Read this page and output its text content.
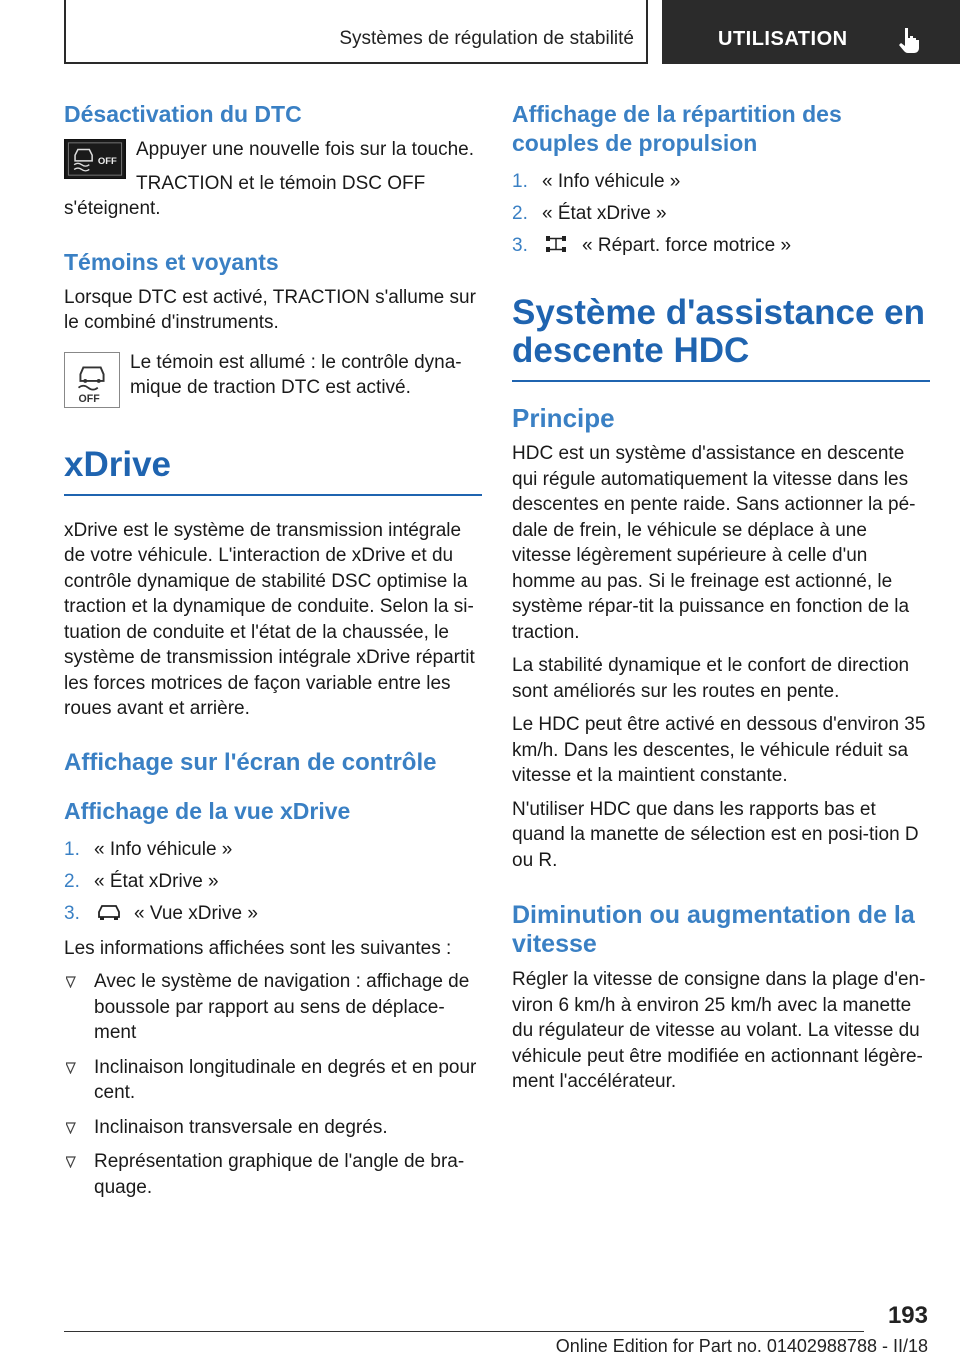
Systèmes de régulation de stabilité	UTILISATION
Désactivation du DTC
OFF

Appuyer une nouvelle fois sur la touche.

TRACTION et le témoin DSC OFF s'éteignent.

Témoins et voyants

Lorsque DTC est activé, TRACTION s'allume sur le combiné d'instruments.

OFF

Le témoin est allumé : le contrôle dyna-mique de traction DTC est activé.

xDrive

xDrive est le système de transmission intégrale de votre véhicule. L'interaction de xDrive et du contrôle dynamique de stabilité DSC optimise la traction et la dynamique de conduite. Selon la si-tuation de conduite et l'état de la chaussée, le système de transmission intégrale xDrive répartit les forces motrices de façon variable entre les roues avant et arrière.

Affichage sur l'écran de contrôle
Affichage de la vue xDrive
1. « Info véhicule »
2. « État xDrive »
3.	« Vue xDrive »

Les informations affichées sont les suivantes :

Avec le système de navigation : affichage de boussole par rapport au sens de déplace-ment
Inclinaison longitudinale en degrés et en pour cent.
Inclinaison transversale en degrés.
Représentation graphique de l'angle de bra-quage.
Affichage de la répartition des couples de propulsion
1. « Info véhicule »
2. « État xDrive »
3.	« Répart. force motrice »
Système d'assistance en descente HDC
Principe

HDC est un système d'assistance en descente qui régule automatiquement la vitesse dans les descentes en pente raide. Sans actionner la pé-dale de frein, le véhicule se déplace à une vitesse légèrement supérieure à celle d'un homme au pas. Si le freinage est actionné, le système répar-tit la puissance en fonction de la traction.

La stabilité dynamique et le confort de direction sont améliorés sur les routes en pente.

Le HDC peut être activé en dessous d'environ 35 km/h. Dans les descentes, le véhicule réduit sa vitesse et la maintient constante.

N'utiliser HDC que dans les rapports bas et quand la manette de sélection est en posi-tion D ou R.

Diminution ou augmentation de la vitesse

Régler la vitesse de consigne dans la plage d'en-viron 6 km/h à environ 25 km/h avec la manette du régulateur de vitesse au volant. La vitesse du véhicule peut être modifiée en actionnant légère-ment l'accélérateur.

193
Online Edition for Part no. 01402988788 - II/18
